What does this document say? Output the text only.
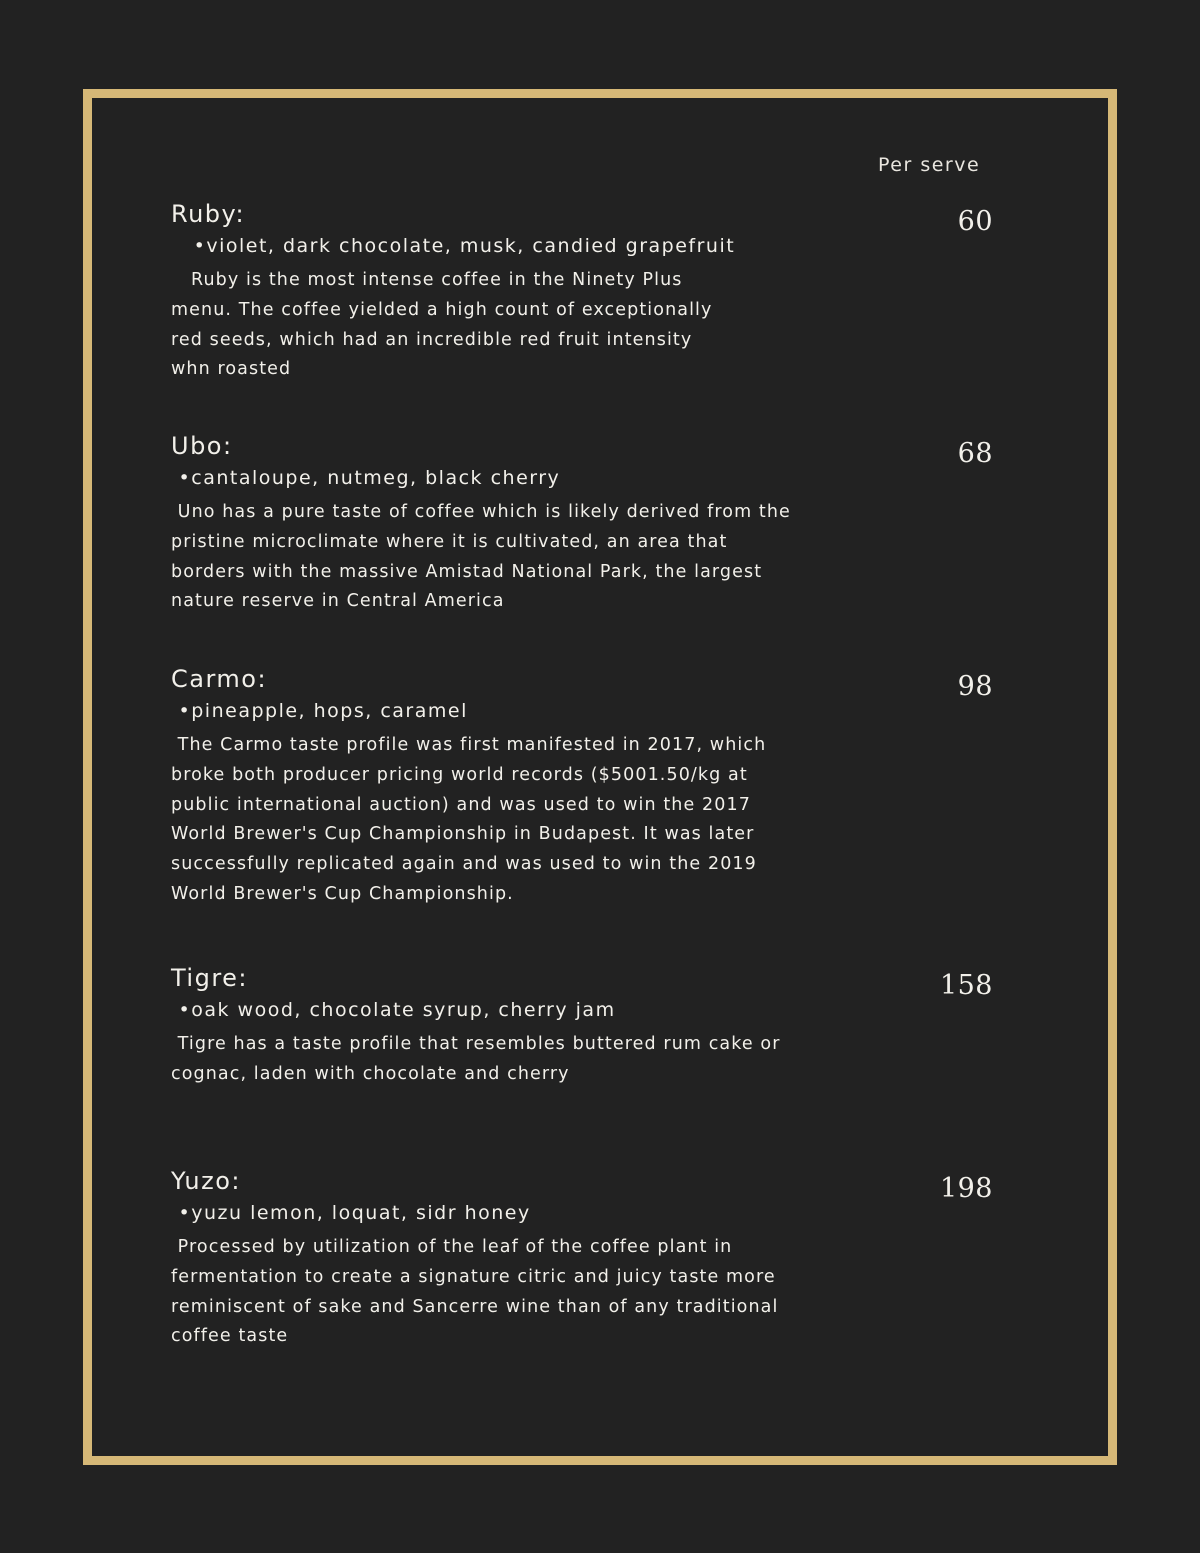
Per serve
Ruby:	60
•violet, dark chocolate, musk, candied grapefruit
Ruby is the most intense coffee in the Ninety Plus
menu. The coffee yielded a high count of exceptionally
red seeds, which had an incredible red fruit intensity
whn roasted
Ubo:	68
•cantaloupe, nutmeg, black cherry
Uno has a pure taste of coffee which is likely derived from the
pristine microclimate where it is cultivated, an area that
borders with the massive Amistad National Park, the largest
nature reserve in Central America
Carmo:	98
•pineapple, hops, caramel
The Carmo taste profile was first manifested in 2017, which
broke both producer pricing world records ($5001.50/kg at
public international auction) and was used to win the 2017
World Brewer's Cup Championship in Budapest. It was later
successfully replicated again and was used to win the 2019
World Brewer's Cup Championship.
Tigre:	158
•oak wood, chocolate syrup, cherry jam
Tigre has a taste profile that resembles buttered rum cake or
cognac, laden with chocolate and cherry
Yuzo:	198
•yuzu lemon, loquat, sidr honey
Processed by utilization of the leaf of the coffee plant in
fermentation to create a signature citric and juicy taste more
reminiscent of sake and Sancerre wine than of any traditional
coffee taste
